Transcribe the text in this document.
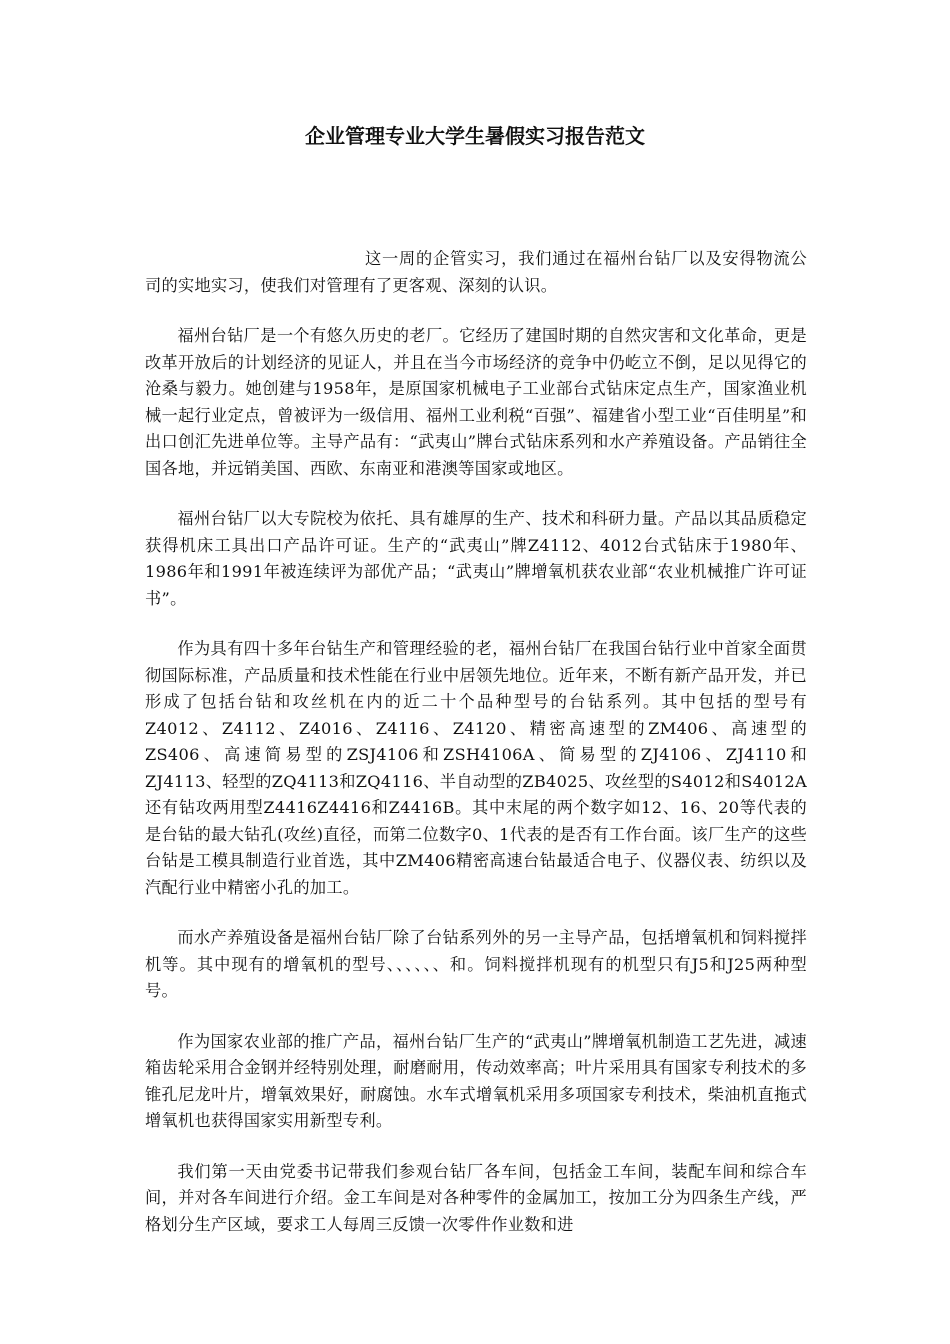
企业管理专业大学生暑假实习报告范文

这一周的企管实习，我们通过在福州台钻厂以及安得物流公司的实地实习，使我们对管理有了更客观、深刻的认识。

福州台钻厂是一个有悠久历史的老厂。它经历了建国时期的自然灾害和文化革命，更是改革开放后的计划经济的见证人，并且在当今市场经济的竞争中仍屹立不倒，足以见得它的沧桑与毅力。她创建与1958年，是原国家机械电子工业部台式钻床定点生产，国家渔业机械一起行业定点，曾被评为一级信用、福州工业利税“百强”、福建省小型工业“百佳明星”和出口创汇先进单位等。主导产品有：“武夷山”牌台式钻床系列和水产养殖设备。产品销往全国各地，并远销美国、西欧、东南亚和港澳等国家或地区。

福州台钻厂以大专院校为依托、具有雄厚的生产、技术和科研力量。产品以其品质稳定获得机床工具出口产品许可证。生产的“武夷山”牌Z4112、4012台式钻床于1980年、1986年和1991年被连续评为部优产品；“武夷山”牌增氧机获农业部“农业机械推广许可证书”。

作为具有四十多年台钻生产和管理经验的老，福州台钻厂在我国台钻行业中首家全面贯彻国际标准，产品质量和技术性能在行业中居领先地位。近年来，不断有新产品开发，并已形成了包括台钻和攻丝机在内的近二十个品种型号的台钻系列。其中包括的型号有Z4012、Z4112、Z4016、Z4116、Z4120、精密高速型的ZM406、高速型的ZS406、高速简易型的ZSJ4106和ZSH4106A、简易型的ZJ4106、ZJ4110和ZJ4113、轻型的ZQ4113和ZQ4116、半自动型的ZB4025、攻丝型的S4012和S4012A还有钻攻两用型Z4416Z4416和Z4416B。其中末尾的两个数字如12、16、20等代表的是台钻的最大钻孔(攻丝)直径，而第二位数字0、1代表的是否有工作台面。该厂生产的这些台钻是工模具制造行业首选，其中ZM406精密高速台钻最适合电子、仪器仪表、纺织以及汽配行业中精密小孔的加工。

而水产养殖设备是福州台钻厂除了台钻系列外的另一主导产品，包括增氧机和饲料搅拌机等。其中现有的增氧机的型号、、、、、、和。饲料搅拌机现有的机型只有J5和J25两种型号。

作为国家农业部的推广产品，福州台钻厂生产的“武夷山”牌增氧机制造工艺先进，减速箱齿轮采用合金钢并经特别处理，耐磨耐用，传动效率高；叶片采用具有国家专利技术的多锥孔尼龙叶片，增氧效果好，耐腐蚀。水车式增氧机采用多项国家专利技术，柴油机直拖式增氧机也获得国家实用新型专利。

我们第一天由党委书记带我们参观台钻厂各车间，包括金工车间，装配车间和综合车间，并对各车间进行介绍。金工车间是对各种零件的金属加工，按加工分为四条生产线，严格划分生产区域，要求工人每周三反馈一次零件作业数和进
